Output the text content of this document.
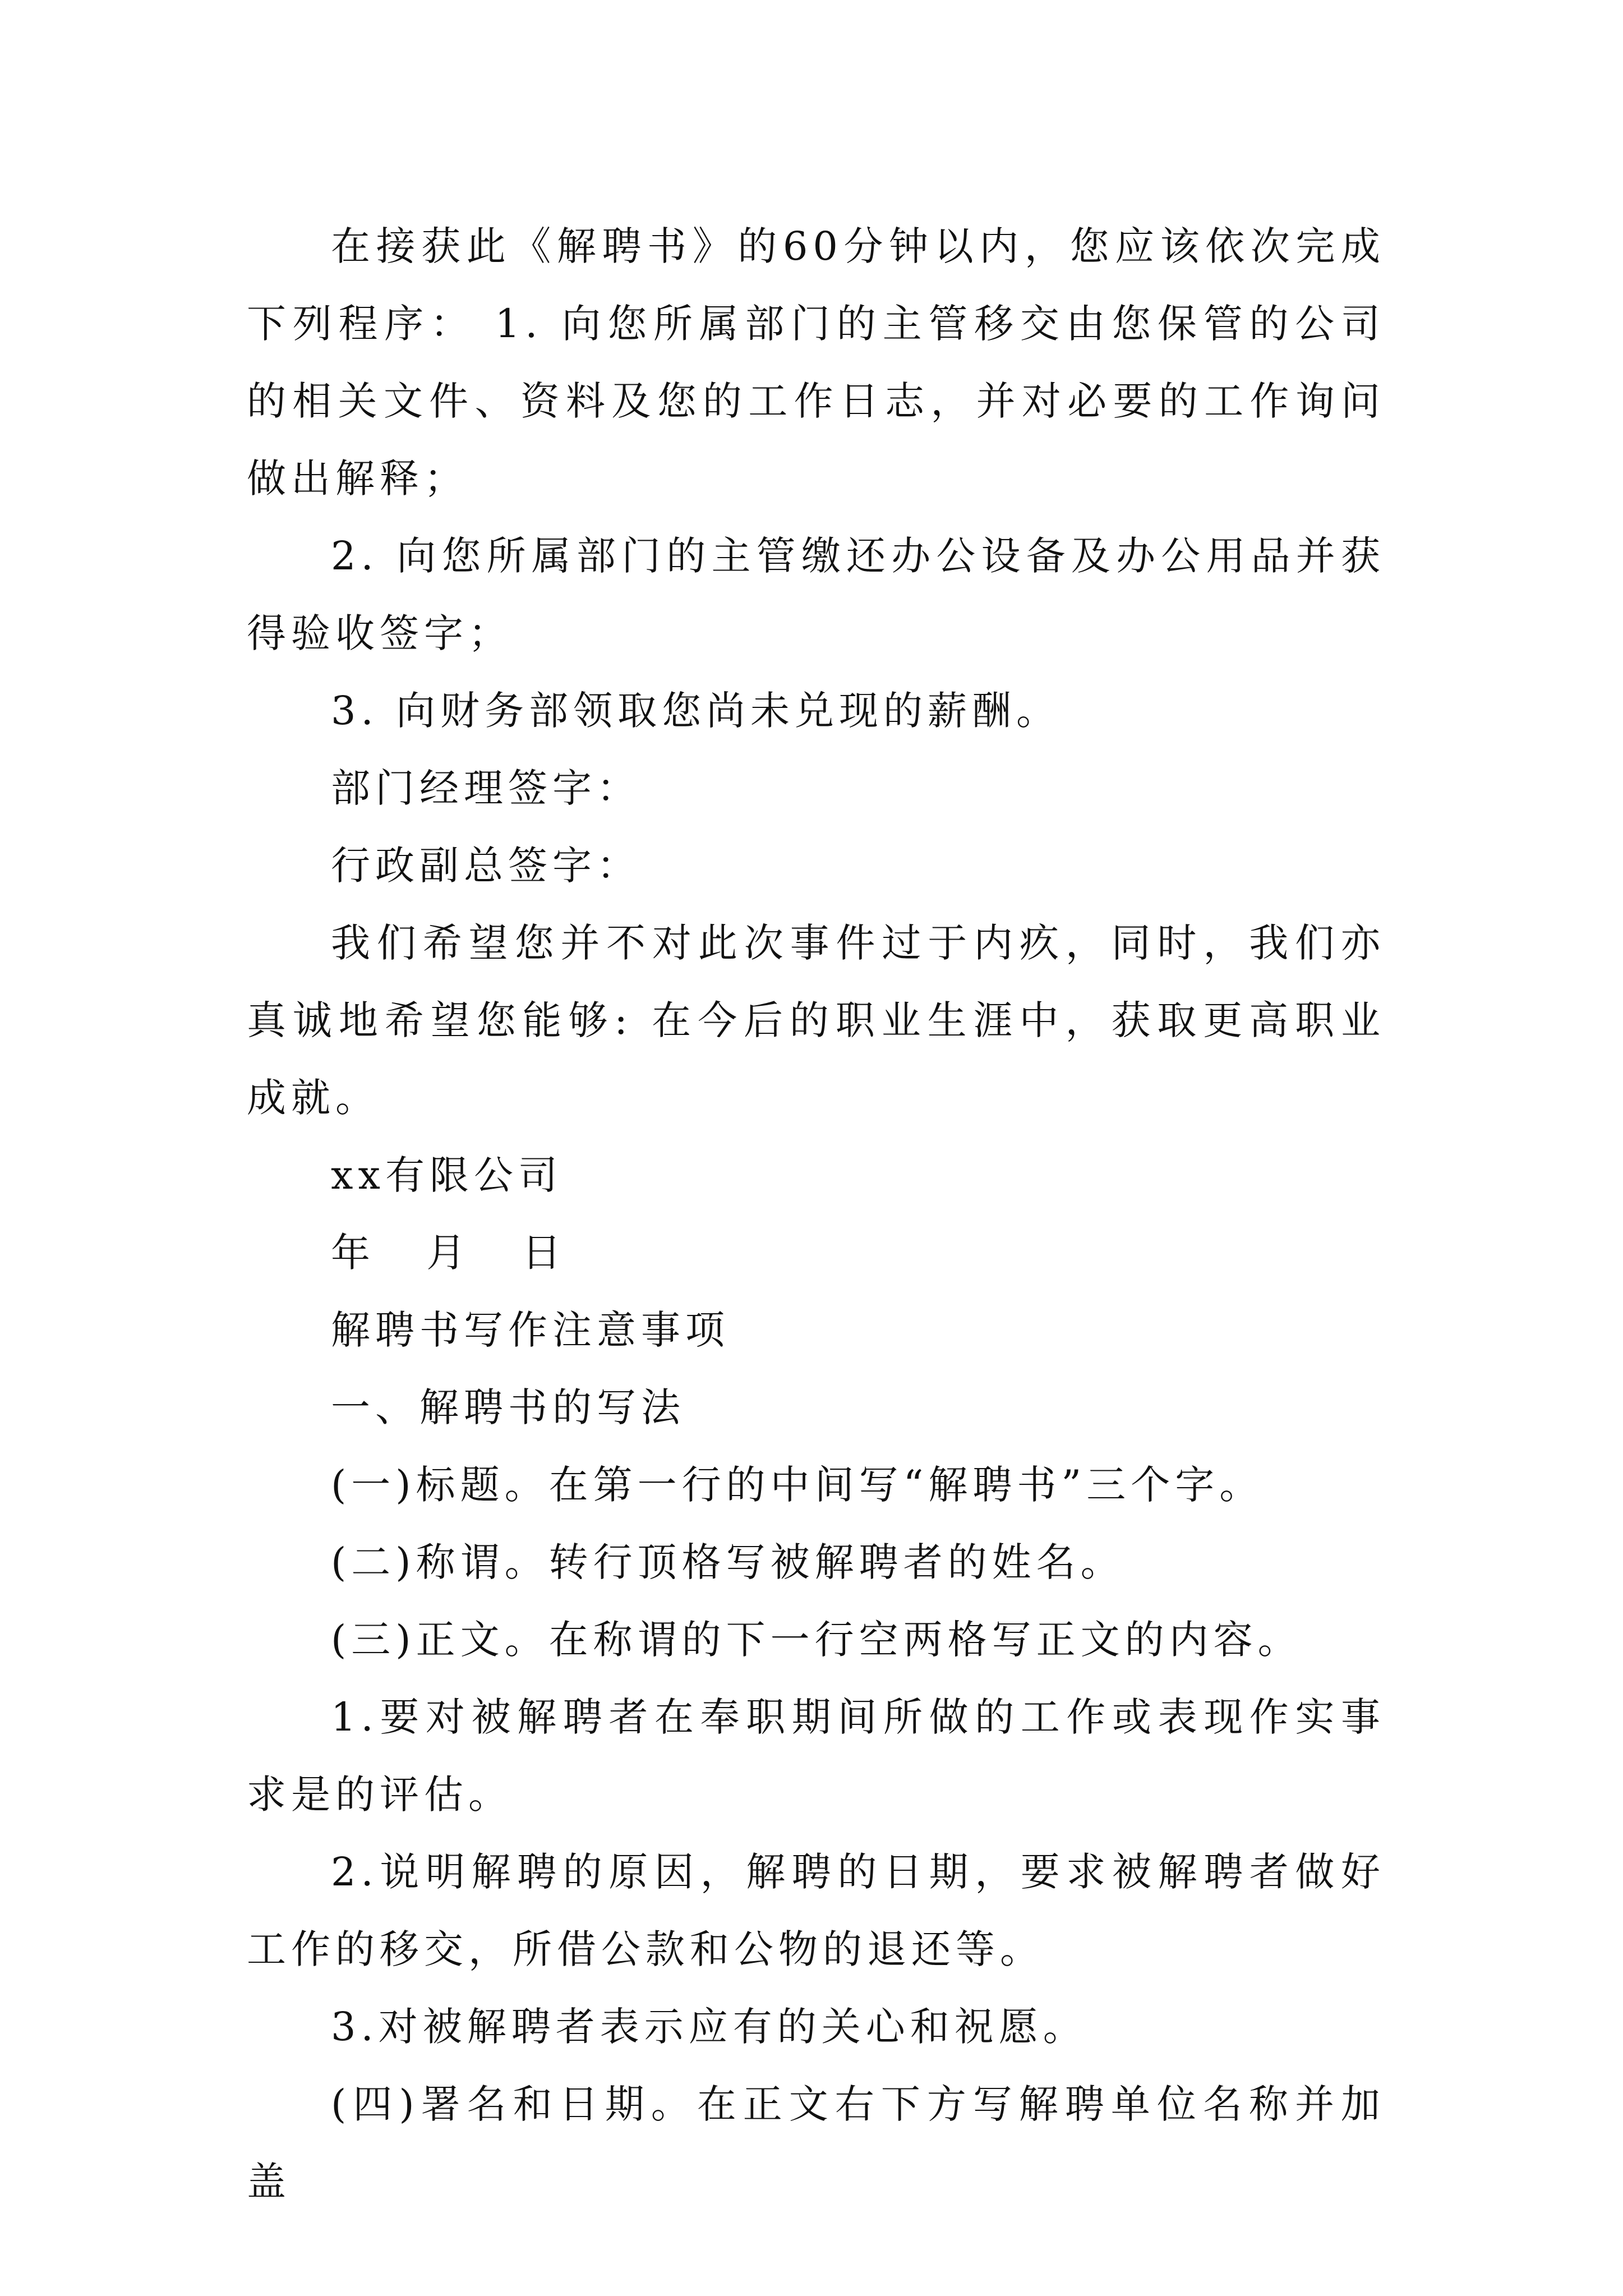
在接获此《解聘书》的60分钟以内，您应该依次完成下列程序： 1. 向您所属部门的主管移交由您保管的公司的相关文件、资料及您的工作日志，并对必要的工作询问做出解释；

2. 向您所属部门的主管缴还办公设备及办公用品并获得验收签字；

3. 向财务部领取您尚未兑现的薪酬。

部门经理签字：

行政副总签字：

我们希望您并不对此次事件过于内疚，同时，我们亦真诚地希望您能够: 在今后的职业生涯中，获取更高职业成就。

xx有限公司

年 月 日

解聘书写作注意事项

一、解聘书的写法

(一)标题。在第一行的中间写“解聘书”三个字。

(二)称谓。转行顶格写被解聘者的姓名。

(三)正文。在称谓的下一行空两格写正文的内容。

1.要对被解聘者在奉职期间所做的工作或表现作实事求是的评估。

2.说明解聘的原因，解聘的日期，要求被解聘者做好工作的移交，所借公款和公物的退还等。

3.对被解聘者表示应有的关心和祝愿。

(四)署名和日期。在正文右下方写解聘单位名称并加盖
